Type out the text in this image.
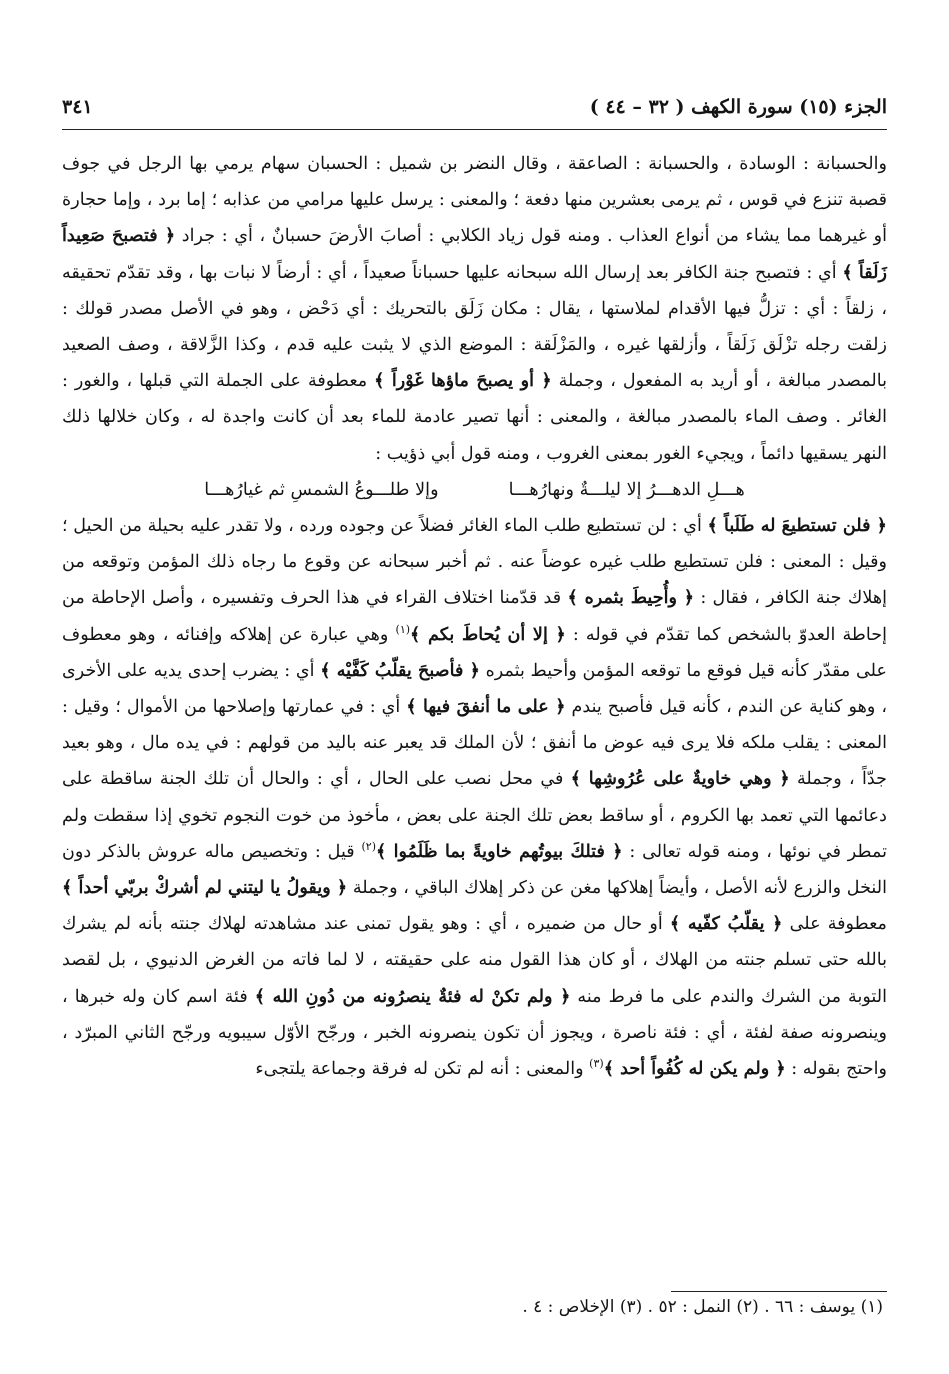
الجزء (١٥) سورة الكهف ( ٣٢ – ٤٤ )
٣٤١

والحسبانة : الوسادة ، والحسبانة : الصاعقة ، وقال النضر بن شميل : الحسبان سهام يرمي بها الرجل في جوف قصبة تنزع في قوس ، ثم يرمى بعشرين منها دفعة ؛ والمعنى : يرسل عليها مرامي من عذابه ؛ إما برد ، وإما حجارة أو غيرهما مما يشاء من أنواع العذاب . ومنه قول زياد الكلابي : أصابَ الأرضَ حسبانٌ ، أي : جراد ﴿ فتصبحَ صَعِيداً زَلَقاً ﴾ أي : فتصبح جنة الكافر بعد إرسال الله سبحانه عليها حسباناً صعيداً ، أي : أرضاً لا نبات بها ، وقد تقدّم تحقيقه ، زلقاً : أي : تزلُّ فيها الأقدام لملاستها ، يقال : مكان زَلَق بالتحريك : أي دَحْض ، وهو في الأصل مصدر قولك : زلقت رجله تزْلَق زَلَقاً ، وأزلقها غيره ، والمَزْلَقة : الموضع الذي لا يثبت عليه قدم ، وكذا الزَّلاقة ، وصف الصعيد بالمصدر مبالغة ، أو أريد به المفعول ، وجملة ﴿ أو يصبحَ ماؤها غَوْراً ﴾ معطوفة على الجملة التي قبلها ، والغور : الغائر . وصف الماء بالمصدر مبالغة ، والمعنى : أنها تصير عادمة للماء بعد أن كانت واجدة له ، وكان خلالها ذلك النهر يسقيها دائماً ، ويجيء الغور بمعنى الغروب ، ومنه قول أبي ذؤيب :

هـــلِ الدهـــرُ إلا ليلـــةٌ ونهارُهـــا
وإلا طلـــوعُ الشمسِ ثم غيارُهـــا

﴿ فلن تستطيعَ له طَلَباً ﴾ أي : لن تستطيع طلب الماء الغائر فضلاً عن وجوده ورده ، ولا تقدر عليه بحيلة من الحيل ؛ وقيل : المعنى : فلن تستطيع طلب غيره عوضاً عنه . ثم أخبر سبحانه عن وقوع ما رجاه ذلك المؤمن وتوقعه من إهلاك جنة الكافر ، فقال : ﴿ وأُحِيطَ بثمره ﴾ قد قدّمنا اختلاف القراء في هذا الحرف وتفسيره ، وأصل الإحاطة من إحاطة العدوّ بالشخص كما تقدّم في قوله : ﴿ إلا أن يُحاطَ بكم ﴾$^{(١)}$ وهي عبارة عن إهلاكه وإفنائه ، وهو معطوف على مقدّر كأنه قيل فوقع ما توقعه المؤمن وأحيط بثمره ﴿ فأصبحَ يقلّبُ كَفَّيْه ﴾ أي : يضرب إحدى يديه على الأخرى ، وهو كناية عن الندم ، كأنه قيل فأصبح يندم ﴿ على ما أنفقَ فيها ﴾ أي : في عمارتها وإصلاحها من الأموال ؛ وقيل : المعنى : يقلب ملكه فلا يرى فيه عوض ما أنفق ؛ لأن الملك قد يعبر عنه باليد من قولهم : في يده مال ، وهو بعيد جدّاً ، وجملة ﴿ وهي خاويةٌ على عُرُوشِها ﴾ في محل نصب على الحال ، أي : والحال أن تلك الجنة ساقطة على دعائمها التي تعمد بها الكروم ، أو ساقط بعض تلك الجنة على بعض ، مأخوذ من خوت النجوم تخوي إذا سقطت ولم تمطر في نوئها ، ومنه قوله تعالى : ﴿ فتلكَ بيوتُهم خاويةً بما ظَلَمُوا ﴾$^{(٢)}$ قيل : وتخصيص ماله عروش بالذكر دون النخل والزرع لأنه الأصل ، وأيضاً إهلاكها مغن عن ذكر إهلاك الباقي ، وجملة ﴿ ويقولُ يا ليتني لم أشركْ بربّي أحداً ﴾ معطوفة على ﴿ يقلّبُ كفّيه ﴾ أو حال من ضميره ، أي : وهو يقول تمنى عند مشاهدته لهلاك جنته بأنه لم يشرك بالله حتى تسلم جنته من الهلاك ، أو كان هذا القول منه على حقيقته ، لا لما فاته من الغرض الدنيوي ، بل لقصد التوبة من الشرك والندم على ما فرط منه ﴿ ولم تكنْ له فئةٌ ينصرُونه من دُونِ الله ﴾ فئة اسم كان وله خبرها ، وينصرونه صفة لفئة ، أي : فئة ناصرة ، ويجوز أن تكون ينصرونه الخبر ، ورجّح الأوّل سيبويه ورجّح الثاني المبرّد ، واحتج بقوله : ﴿ ولم يكن له كُفُواً أحد ﴾$^{(٣)}$ والمعنى : أنه لم تكن له فرقة وجماعة يلتجىء

(١) يوسف : ٦٦ . (٢) النمل : ٥٢ . (٣) الإخلاص : ٤ .
